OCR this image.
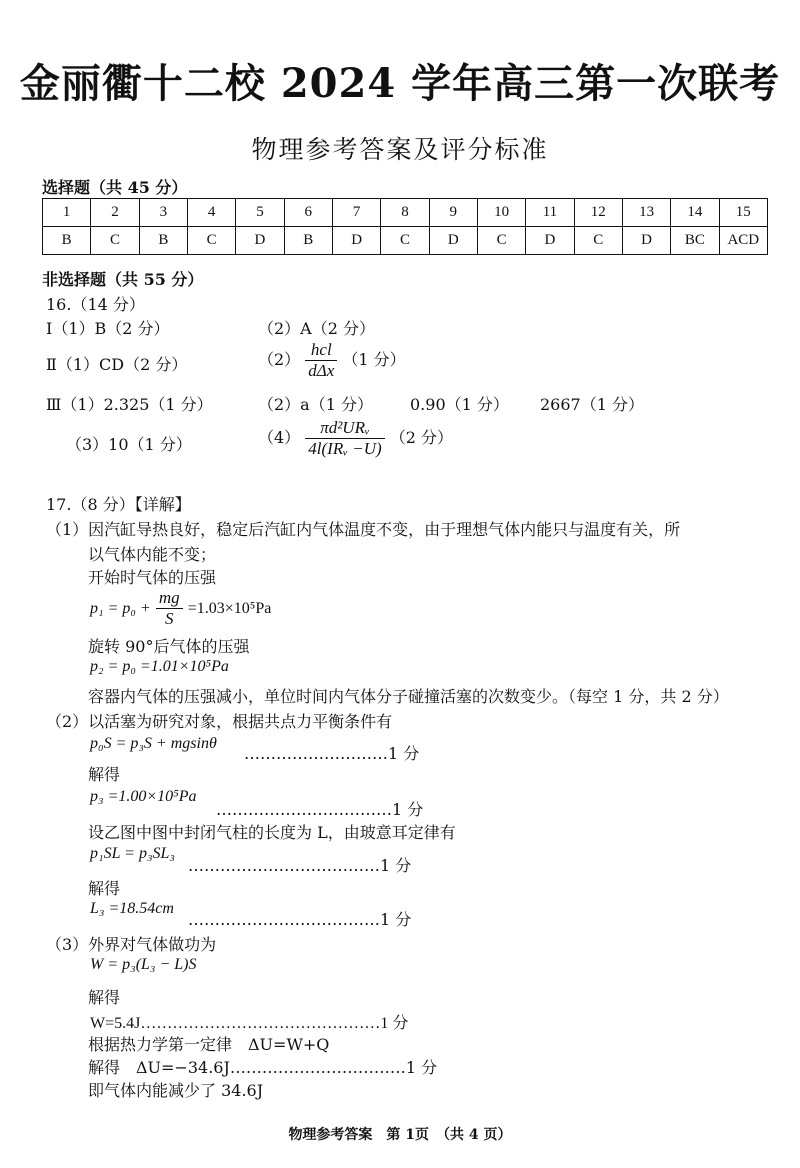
金丽衢十二校 2024 学年高三第一次联考
物理参考答案及评分标准
选择题（共 45 分）
1	2	3	4	5	6	7	8	9	10	11	12	13	14	15
B	C	B	C	D	B	D	C	D	C	D	C	D	BC	ACD
非选择题（共 55 分）
16.（14 分）
Ⅰ（1）B（2 分）	（2）A（2 分）
Ⅱ（1）CD（2 分）	$(2) \frac{\text{hcl}}{\text{dΔx}} (1$ 分）
Ⅲ（1）2.325（1 分）	（2）a（1 分） 0.90（1 分） 2667（1 分）
（3）10（1 分）	$(4) \frac{\text{πd²URᵥ}}{\text{4l(IRᵥ −U)}} (2$ 分）
17.（8 分）【详解】
（1）因汽缸导热良好，稳定后汽缸内气体温度不变，由于理想气体内能只与温度有关，所
以气体内能不变；
开始时气体的压强
$p_1 = p_0 + \frac{mg}{S} =1.03\times 10^5Pa$
旋转 90°后气体的压强
p₂ = p₀ =1.01×10⁵Pa
容器内气体的压强减小，单位时间内气体分子碰撞活塞的次数变少。（每空 1 分，共 2 分）
（2）以活塞为研究对象，根据共点力平衡条件有
p₀S = p₃S + mgsinθ
………………………1 分
解得
p₃ =1.00×10⁵Pa
……………………………1 分
设乙图中图中封闭气柱的长度为 L，由玻意耳定律有
p₁SL = p₃SL₃
………………………………1 分
解得
L₃ =18.54cm
………………………………1 分
（3）外界对气体做功为
W = p₃(L₃ − L)S
解得
W=5.4J………………………………………1 分
根据热力学第一定律　ΔU=W+Q
解得　ΔU=−34.6J……………………………1 分
即气体内能减少了 34.6J
物理参考答案　第 1页　（共 4 页）
